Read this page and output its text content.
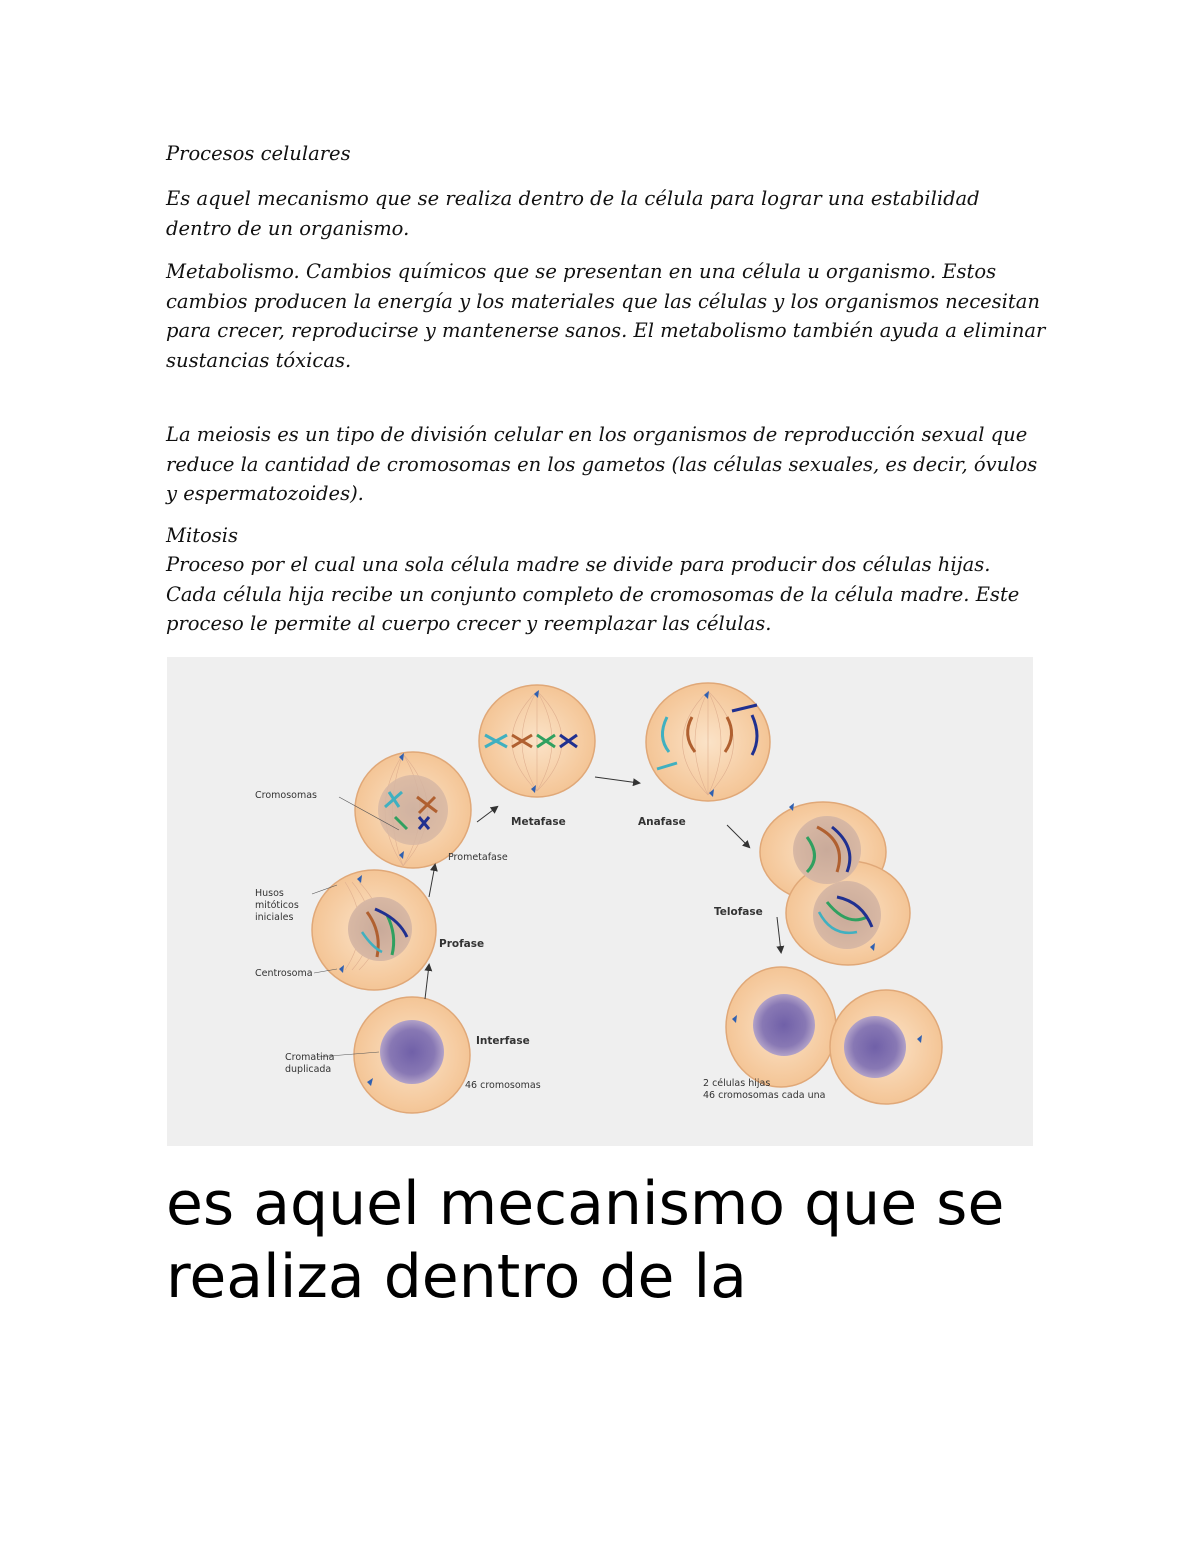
Procesos celulares

Es aquel mecanismo que se realiza dentro de la célula para lograr una estabilidad dentro de un organismo.

Metabolismo. Cambios químicos que se presentan en una célula u organismo. Estos cambios producen la energía y los materiales que las células y los organismos necesitan para crecer, reproducirse y mantenerse sanos. El metabolismo también ayuda a eliminar sustancias tóxicas.

La meiosis es un tipo de división celular en los organismos de reproducción sexual que reduce la cantidad de cromosomas en los gametos (las células sexuales, es decir, óvulos y espermatozoides).

Mitosis

Proceso por el cual una sola célula madre se divide para producir dos células hijas. Cada célula hija recibe un conjunto completo de cromosomas de la célula madre. Este proceso le permite al cuerpo crecer y reemplazar las células.

Cromosomas
Husos
mitóticos
iniciales
Centrosoma
Cromatina
duplicada
46 cromosomas	2 células hijas
46 cromosomas cada una
Interfase
Profase
Prometafase
Metafase	Anafase
Telofase

es aquel mecanismo que se realiza dentro de la
